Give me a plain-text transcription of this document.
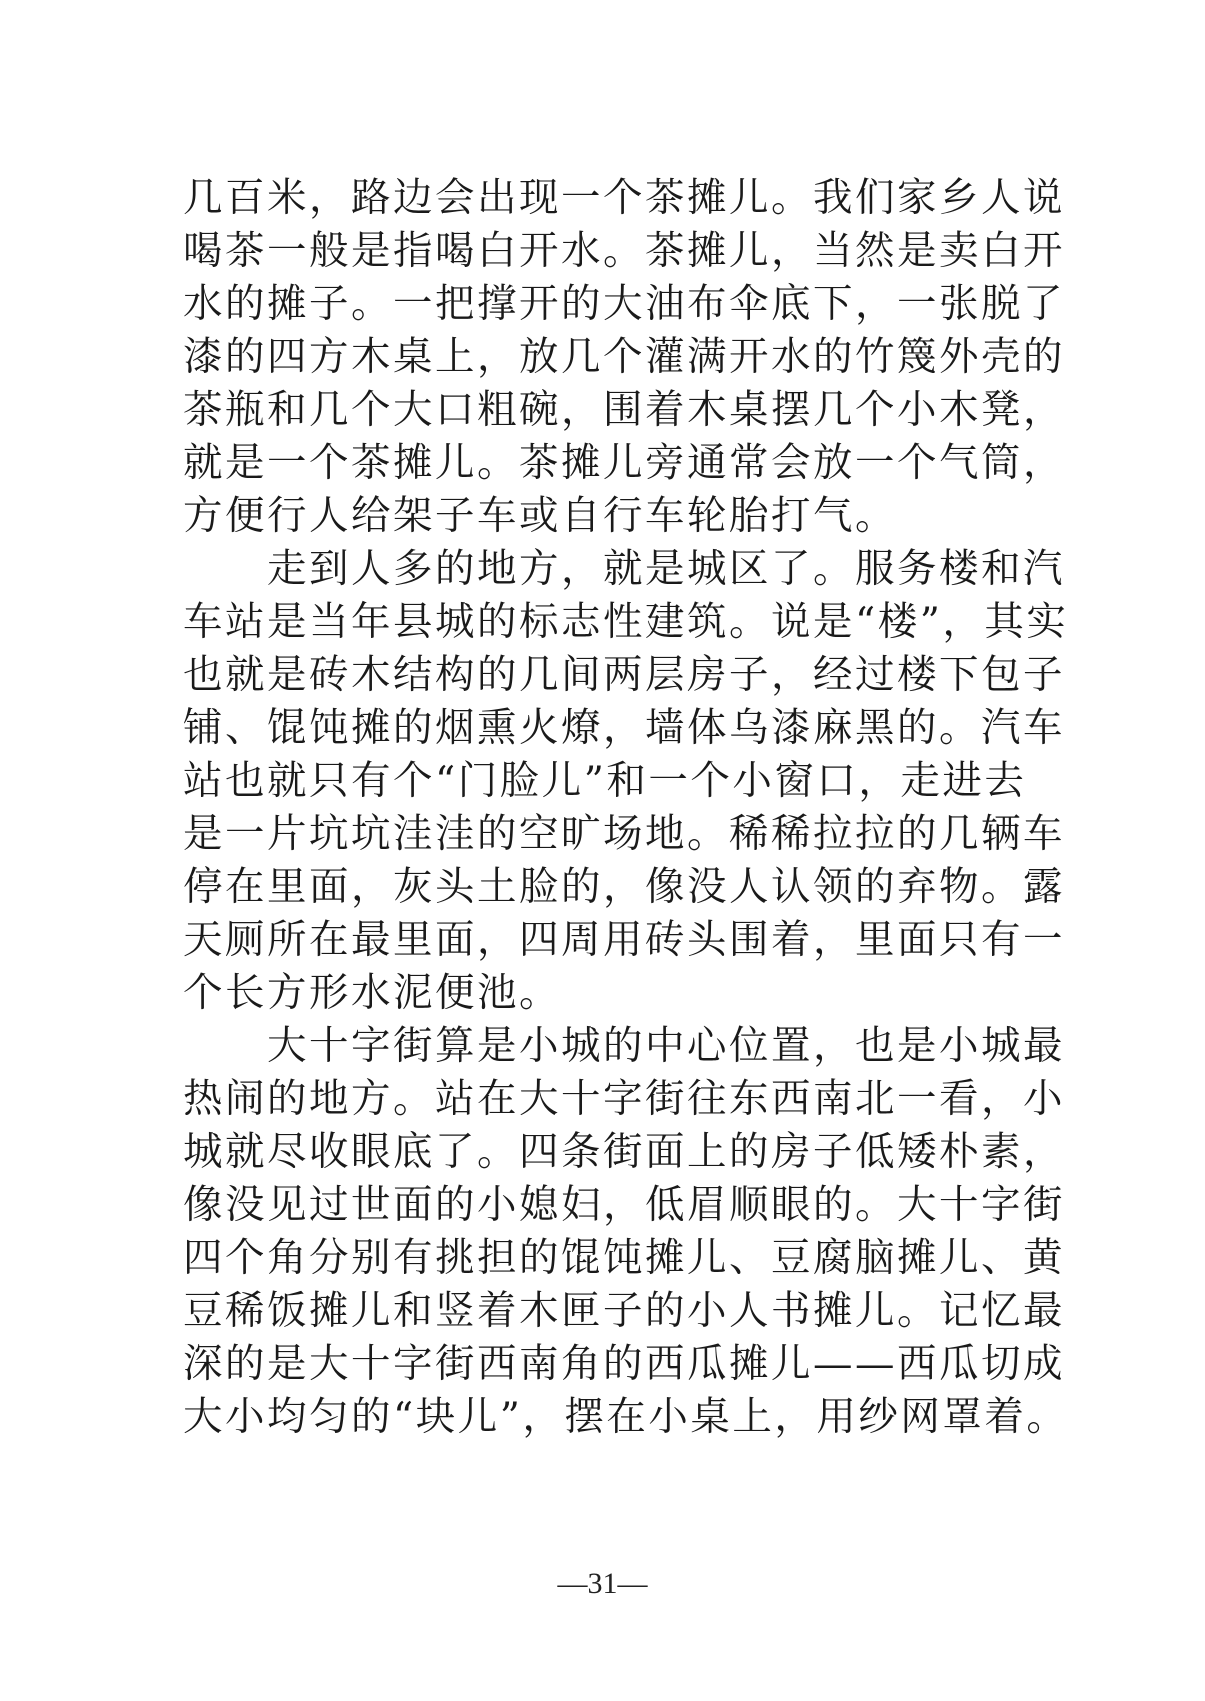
几百米，路边会出现一个茶摊儿。我们家乡人说
喝茶一般是指喝白开水。茶摊儿，当然是卖白开
水的摊子。一把撑开的大油布伞底下，一张脱了
漆的四方木桌上，放几个灌满开水的竹篾外壳的
茶瓶和几个大口粗碗，围着木桌摆几个小木凳，
就是一个茶摊儿。茶摊儿旁通常会放一个气筒，
方便行人给架子车或自行车轮胎打气。
走到人多的地方，就是城区了。服务楼和汽
车站是当年县城的标志性建筑。说是“楼”，其实
也就是砖木结构的几间两层房子，经过楼下包子
铺、馄饨摊的烟熏火燎，墙体乌漆麻黑的。汽车
站也就只有个“门脸儿”和一个小窗口，走进去
是一片坑坑洼洼的空旷场地。稀稀拉拉的几辆车
停在里面，灰头土脸的，像没人认领的弃物。露
天厕所在最里面，四周用砖头围着，里面只有一
个长方形水泥便池。
大十字街算是小城的中心位置，也是小城最
热闹的地方。站在大十字街往东西南北一看，小
城就尽收眼底了。四条街面上的房子低矮朴素，
像没见过世面的小媳妇，低眉顺眼的。大十字街
四个角分别有挑担的馄饨摊儿、豆腐脑摊儿、黄
豆稀饭摊儿和竖着木匣子的小人书摊儿。记忆最
深的是大十字街西南角的西瓜摊儿——西瓜切成
大小均匀的“块儿”，摆在小桌上，用纱网罩着。
—31—
